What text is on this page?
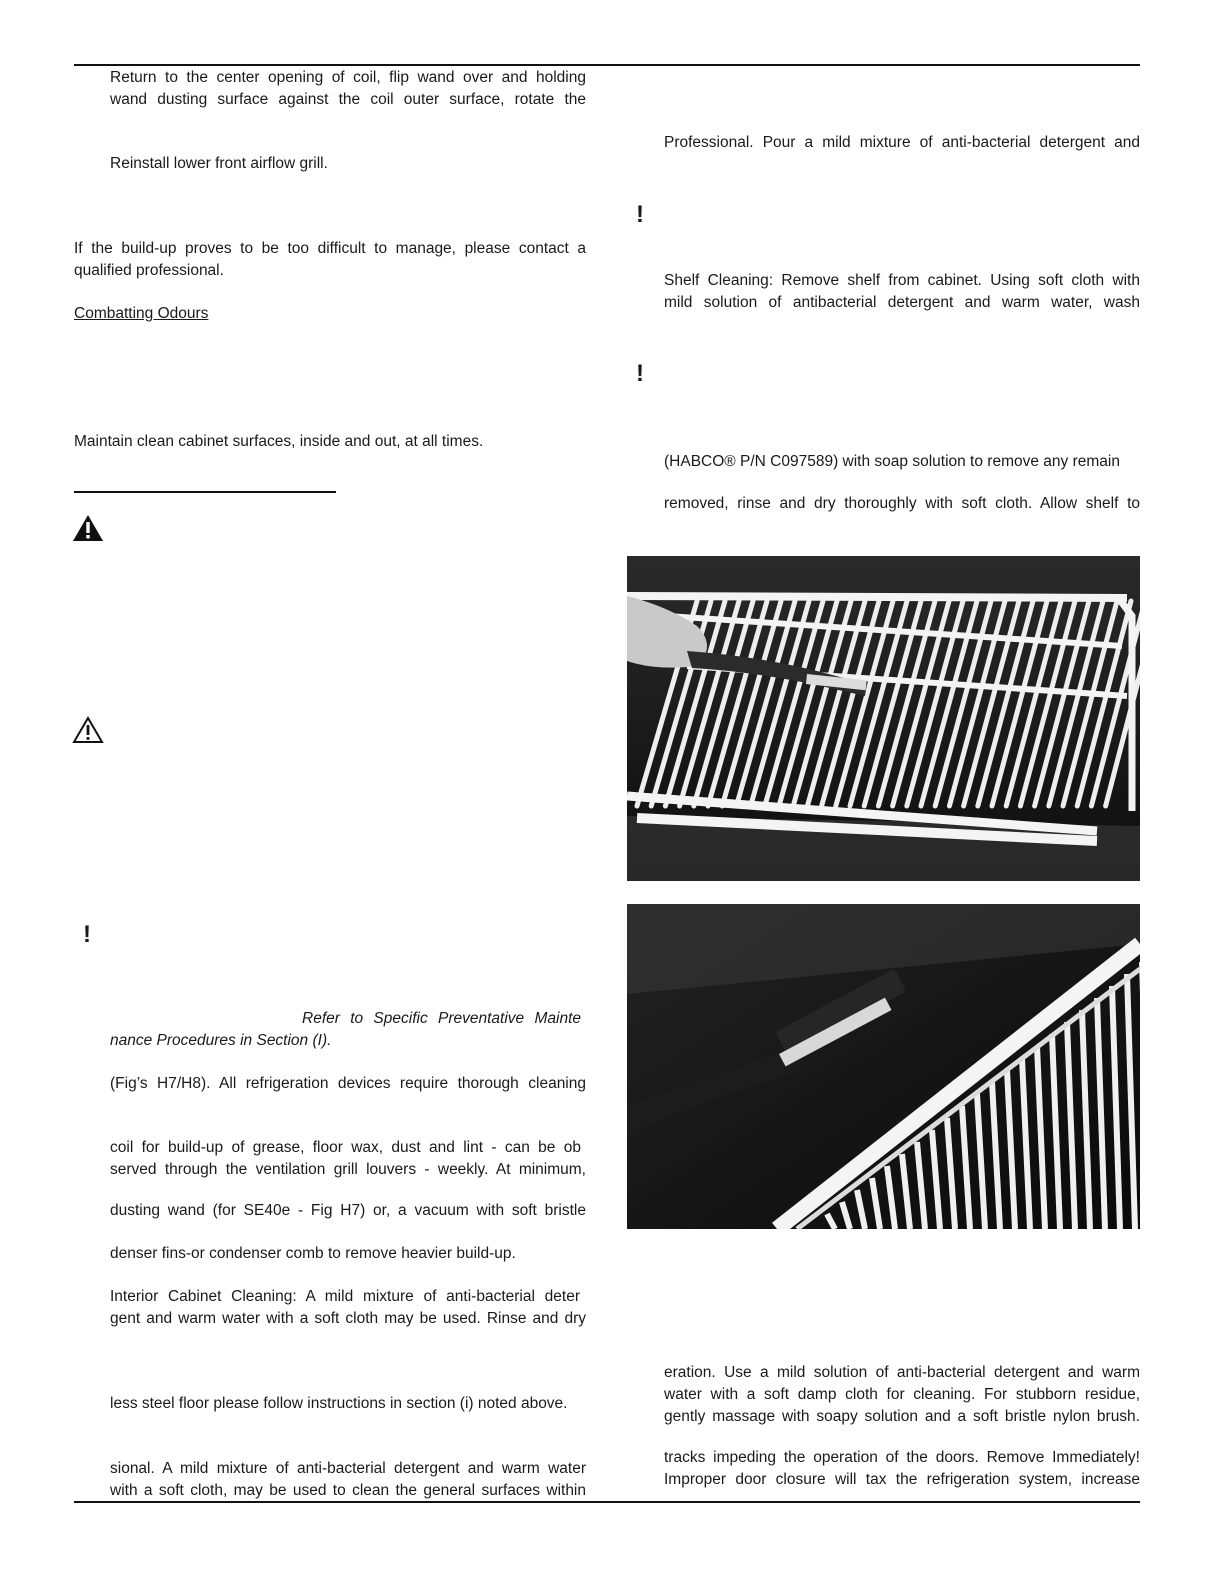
Return to the center opening of coil, flip wand over and holding

wand dusting surface against the coil outer surface, rotate the

Reinstall lower front airflow grill.

If the build-up proves to be too difficult to manage, please contact a

qualified professional.

Combatting Odours

Maintain clean cabinet surfaces, inside and out, at all times.

!

Refer to Specific Preventative Mainte

nance Procedures in Section (I).

(Fig’s H7/H8). All refrigeration devices require thorough cleaning

coil for build-up of grease, floor wax, dust and lint - can be ob

served through the ventilation grill louvers - weekly. At minimum,

dusting wand (for SE40e - Fig H7) or, a vacuum with soft bristle

denser fins-or condenser comb to remove heavier build-up.

Interior Cabinet Cleaning: A mild mixture of anti-bacterial deter

gent and warm water with a soft cloth may be used. Rinse and dry

less steel floor please follow instructions in section (i) noted above.

sional. A mild mixture of anti-bacterial detergent and warm water

with a soft cloth, may be used to clean the general surfaces within

Professional. Pour a mild mixture of anti-bacterial detergent and

!

Shelf Cleaning: Remove shelf from cabinet. Using soft cloth with

mild solution of antibacterial detergent and warm water, wash

!

(HABCO® P/N C097589) with soap solution to remove any remain

removed, rinse and dry thoroughly with soft cloth. Allow shelf to

eration. Use a mild solution of anti-bacterial detergent and warm

water with a soft damp cloth for cleaning. For stubborn residue,

gently massage with soapy solution and a soft bristle nylon brush.

tracks impeding the operation of the doors. Remove Immediately!

Improper door closure will tax the refrigeration system, increase
